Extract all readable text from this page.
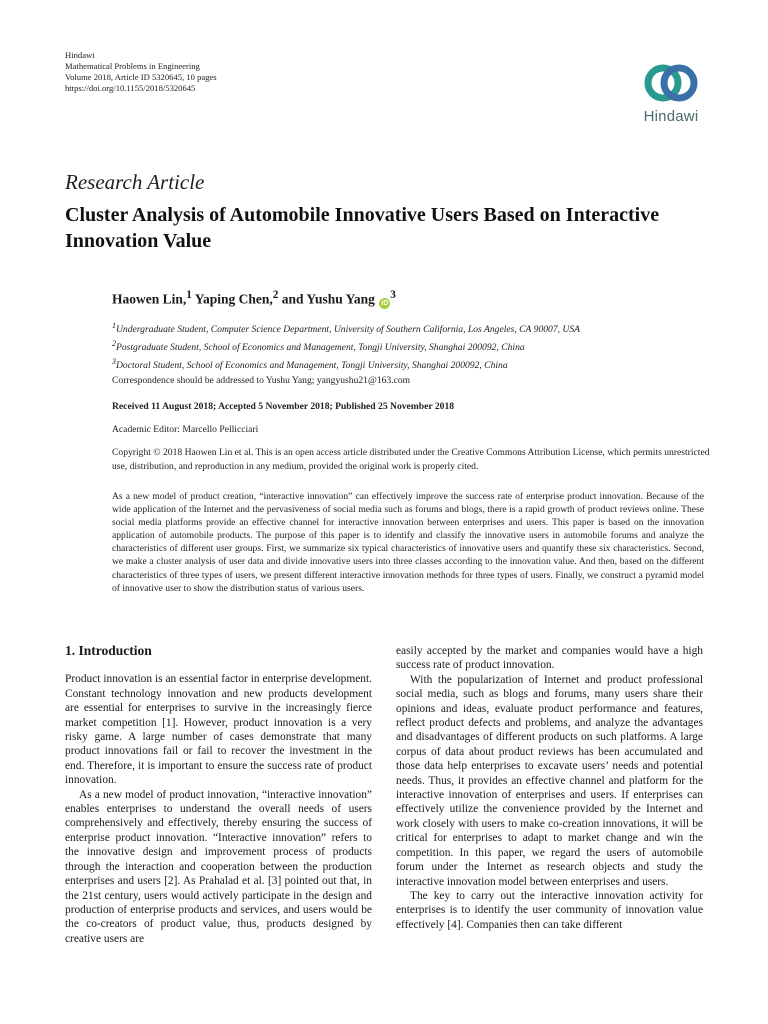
Hindawi
Mathematical Problems in Engineering
Volume 2018, Article ID 5320645, 10 pages
https://doi.org/10.1155/2018/5320645
Hindawi
Research Article
Cluster Analysis of Automobile Innovative Users Based on Interactive Innovation Value
Haowen Lin,$^1$ Yaping Chen,$^2$ and Yushu Yang $iD^3$
$^1$Undergraduate Student, Computer Science Department, University of Southern California, Los Angeles, CA 90007, USA
$^2$Postgraduate Student, School of Economics and Management, Tongji University, Shanghai 200092, China
$^3$Doctoral Student, School of Economics and Management, Tongji University, Shanghai 200092, China
Correspondence should be addressed to Yushu Yang; yangyushu21@163.com
Received 11 August 2018; Accepted 5 November 2018; Published 25 November 2018
Academic Editor: Marcello Pellicciari
Copyright © 2018 Haowen Lin et al. This is an open access article distributed under the Creative Commons Attribution License, which permits unrestricted use, distribution, and reproduction in any medium, provided the original work is properly cited.

As a new model of product creation, “interactive innovation” can effectively improve the success rate of enterprise product innovation. Because of the wide application of the Internet and the pervasiveness of social media such as forums and blogs, there is a rapid growth of product reviews online. These social media platforms provide an effective channel for interactive innovation between enterprises and users. This paper is based on the innovation application of automobile products. The purpose of this paper is to identify and classify the innovative users in automobile forums and analyze the characteristics of different user groups. First, we summarize six typical characteristics of innovative users and quantify these six characteristics. Second, we make a cluster analysis of user data and divide innovative users into three classes according to the innovation value. And then, based on the different characteristics of three types of users, we present different interactive innovation methods for three types of users. Finally, we construct a pyramid model of innovative user to show the distribution status of various users.

1. Introduction

Product innovation is an essential factor in enterprise development. Constant technology innovation and new products development are essential for enterprises to survive in the increasingly fierce market competition [1]. However, product innovation is a very risky game. A large number of cases demonstrate that many product innovations fail or fail to recover the investment in the end. Therefore, it is important to ensure the success rate of product innovation.

As a new model of product innovation, “interactive innovation” enables enterprises to understand the overall needs of users comprehensively and effectively, thereby ensuring the success of enterprise product innovation. “Interactive innovation” refers to the innovative design and improvement process of products through the interaction and cooperation between the production enterprises and users [2]. As Prahalad et al. [3] pointed out that, in the 21st century, users would actively participate in the design and production of enterprise products and services, and users would be the co-creators of product value, thus, products designed by creative users are

easily accepted by the market and companies would have a high success rate of product innovation.

With the popularization of Internet and product professional social media, such as blogs and forums, many users share their opinions and ideas, evaluate product performance and features, reflect product defects and problems, and analyze the advantages and disadvantages of different products on such platforms. A large corpus of data about product reviews has been accumulated and those data help enterprises to excavate users’ needs and potential needs. Thus, it provides an effective channel and platform for the interactive innovation of enterprises and users. If enterprises can effectively utilize the convenience provided by the Internet and work closely with users to make co-creation innovations, it will be critical for enterprises to adapt to market change and win the competition. In this paper, we regard the users of automobile forum under the Internet as research objects and study the interactive innovation model between enterprises and users.

The key to carry out the interactive innovation activity for enterprises is to identify the user community of innovation value effectively [4]. Companies then can take different
